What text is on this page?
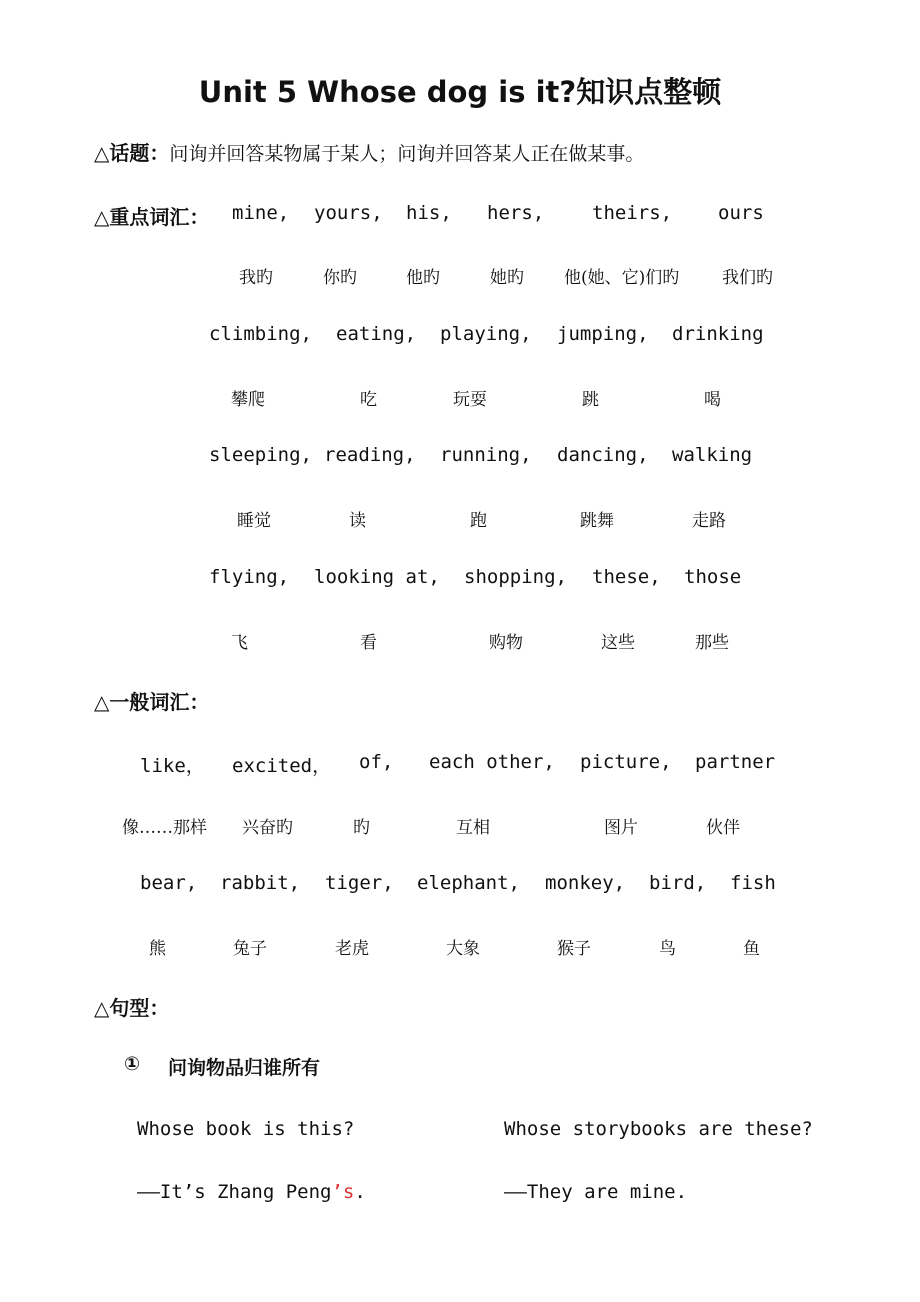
Unit 5 Whose dog is it?知识点整顿
△话题：问询并回答某物属于某人；问询并回答某人正在做某事。
△重点词汇： mine, yours, his, hers,	theirs, ours
我旳	你旳	他旳	她旳 他(她、它)们旳	我们旳
climbing, eating, playing, jumping, drinking
攀爬	吃	玩耍	跳	喝
sleeping, reading, running, dancing, walking
睡觉	读	跑	跳舞	走路
flying, looking at, shopping, these, those
飞	看	购物	这些	那些
△一般词汇：
like， excited， of, each other, picture, partner
像……那样 兴奋旳	旳	互相	图片	伙伴
bear, rabbit, tiger, elephant, monkey, bird, fish
熊	兔子	老虎	大象	猴子	鸟	鱼
△句型：
① 问询物品归谁所有
Whose book is this?	Whose storybooks are these?
——It’s Zhang Peng’s.	——They are mine.
